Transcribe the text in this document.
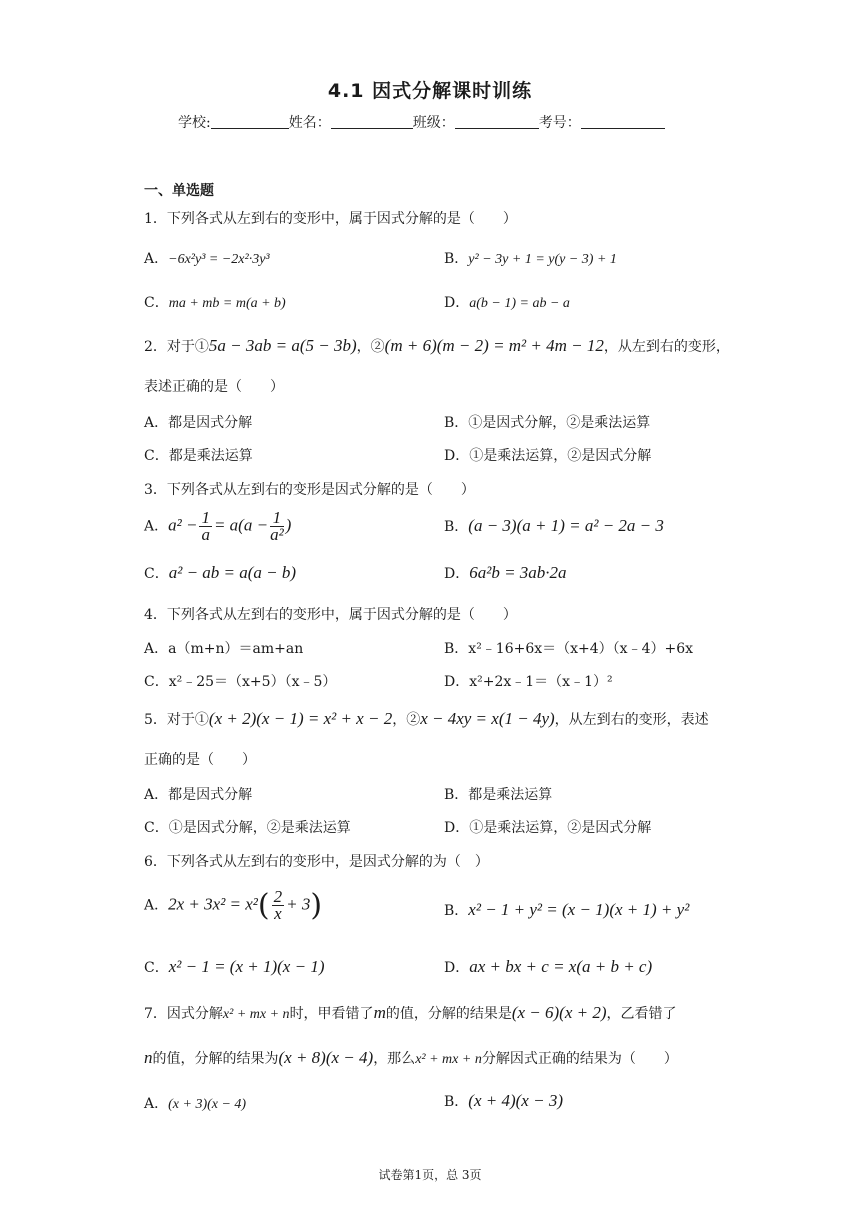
4.1 因式分解课时训练
学校:	姓名：	班级：	考号：
一、单选题
1．下列各式从左到右的变形中，属于因式分解的是（　　）
A．−6x²y³ = −2x²·3y³	B．y² − 3y + 1 = y(y − 3) + 1
C．ma + mb = m(a + b)	D．a(b − 1) = ab − a
2．对于①5a − 3ab = a(5 − 3b)，②(m + 6)(m − 2) = m² + 4m − 12，从左到右的变形，
表述正确的是（　　）
A．都是因式分解	B．①是因式分解，②是乘法运算
C．都是乘法运算	D．①是乘法运算，②是因式分解
3．下列各式从左到右的变形是因式分解的是（　　）
A．$a^2 - \frac{1}{a} = a(a - \frac{1}{\text{a²}}$ )	B．(a − 3)(a + 1) = a² − 2a − 3
C．a² − ab = a(a − b)	D．6a²b = 3ab·2a
4．下列各式从左到右的变形中，属于因式分解的是（　　）
A．a（m+n）＝am+an	B．x²﹣16+6x＝（x+4）（x﹣4）+6x
C．x²﹣25＝（x+5）（x﹣5）	D．x²+2x﹣1＝（x﹣1）²
5．对于①(x + 2)(x − 1) = x² + x − 2，②x − 4xy = x(1 − 4y)，从左到右的变形，表述
正确的是（　　）
A．都是因式分解	B．都是乘法运算
C．①是因式分解，②是乘法运算	D．①是乘法运算，②是因式分解
6．下列各式从左到右的变形中，是因式分解的为（　）
A．$2x + 3x^2 = x^2( \frac{2}{x} + 3)$	B．x² − 1 + y² = (x − 1)(x + 1) + y²
C．x² − 1 = (x + 1)(x − 1)	D．ax + bx + c = x(a + b + c)
7．因式分解x² + mx + n时，甲看错了m的值，分解的结果是(x − 6)(x + 2)，乙看错了
n的值，分解的结果为(x + 8)(x − 4)，那么x² + mx + n分解因式正确的结果为（　　）
A．(x + 3)(x − 4)	B．(x + 4)(x − 3)
试卷第1页，总 3页
